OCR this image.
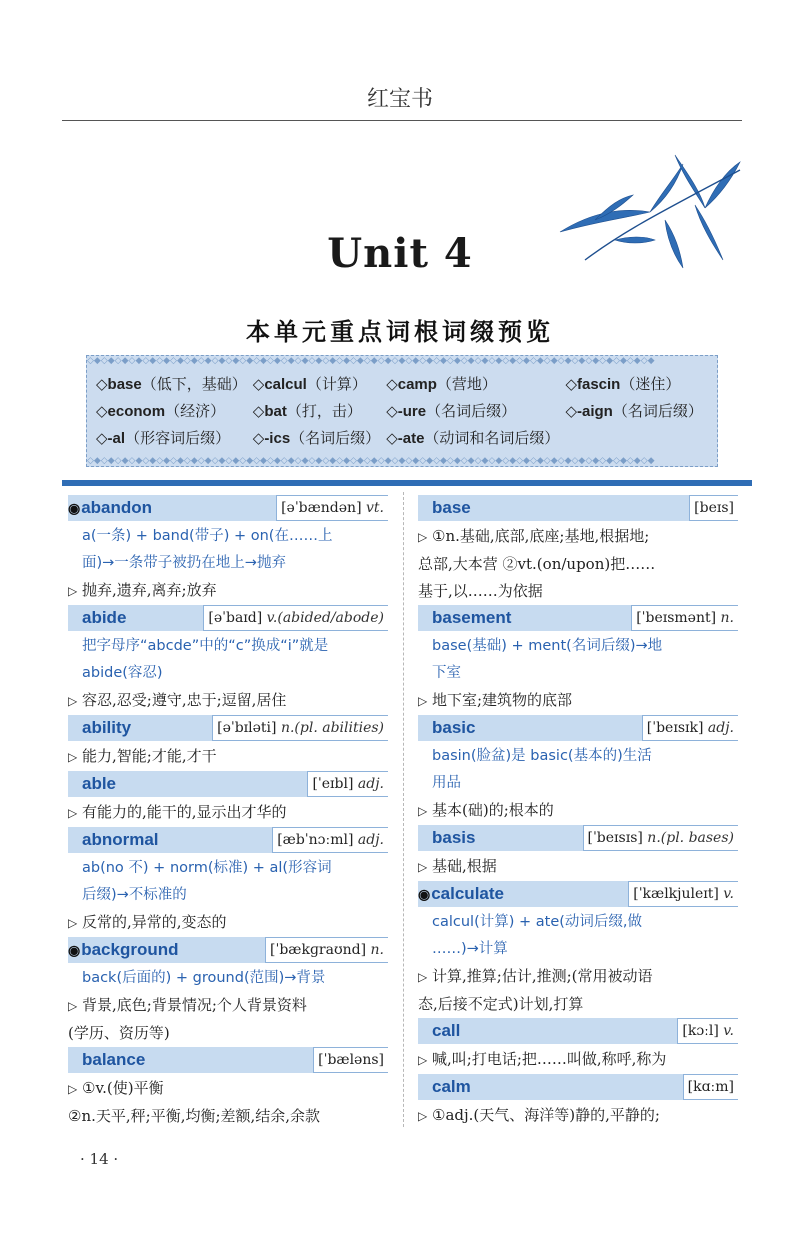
红宝书
Unit 4
本单元重点词根词缀预览
◇◆◇◆◇◆◇◆◇◆◇◆◇◆◇◆◇◆◇◆◇◆◇◆◇◆◇◆◇◆◇◆◇◆◇◆◇◆◇◆◇◆◇◆◇◆◇◆◇◆◇◆◇◆◇◆◇◆◇◆◇◆◇◆◇◆◇◆◇◆◇◆◇◆◇◆◇◆◇◆◇◆
◇base（低下，基础）	◇calcul（计算）	◇camp（营地）	◇fascin（迷住）
◇econom（经济）	◇bat（打，击）	◇-ure（名词后缀）	◇-aign（名词后缀）
◇-al（形容词后缀）	◇-ics（名词后缀）	◇-ate（动词和名词后缀）	
◇◆◇◆◇◆◇◆◇◆◇◆◇◆◇◆◇◆◇◆◇◆◇◆◇◆◇◆◇◆◇◆◇◆◇◆◇◆◇◆◇◆◇◆◇◆◇◆◇◆◇◆◇◆◇◆◇◆◇◆◇◆◇◆◇◆◇◆◇◆◇◆◇◆◇◆◇◆◇◆◇◆
◉abandon	[əˈbændən] vt.
a(一条) + band(带子) + on(在……上
面)→一条带子被扔在地上→抛弃
▷ 抛弃,遗弃,离弃;放弃
abide	[əˈbaɪd] v.(abided/abode)
把字母序“abcde”中的“c”换成“i”就是
abide(容忍)
▷ 容忍,忍受;遵守,忠于;逗留,居住
ability	[əˈbɪləti] n.(pl. abilities)
▷ 能力,智能;才能,才干
able	[ˈeɪbl] adj.
▷ 有能力的,能干的,显示出才华的
abnormal	[æbˈnɔːml] adj.
ab(no 不) + norm(标准) + al(形容词
后缀)→不标准的
▷ 反常的,异常的,变态的
◉background	[ˈbækɡraʊnd] n.
back(后面的) + ground(范围)→背景
▷ 背景,底色;背景情况;个人背景资料
(学历、资历等)
balance	[ˈbæləns]
▷ ①v.(使)平衡
②n.天平,秤;平衡,均衡;差额,结余,余款
base	[beɪs]
▷ ①n.基础,底部,底座;基地,根据地;
总部,大本营 ②vt.(on/upon)把……
基于,以……为依据
basement	[ˈbeɪsmənt] n.
base(基础) + ment(名词后缀)→地
下室
▷ 地下室;建筑物的底部
basic	[ˈbeɪsɪk] adj.
basin(脸盆)是 basic(基本的)生活
用品
▷ 基本(础)的;根本的
basis	[ˈbeɪsɪs] n.(pl. bases)
▷ 基础,根据
◉calculate	[ˈkælkjuleɪt] v.
calcul(计算) + ate(动词后缀,做
……)→计算
▷ 计算,推算;估计,推测;(常用被动语
态,后接不定式)计划,打算
call	[kɔːl] v.
▷ 喊,叫;打电话;把……叫做,称呼,称为
calm	[kɑːm]
▷ ①adj.(天气、海洋等)静的,平静的;
· 14 ·
